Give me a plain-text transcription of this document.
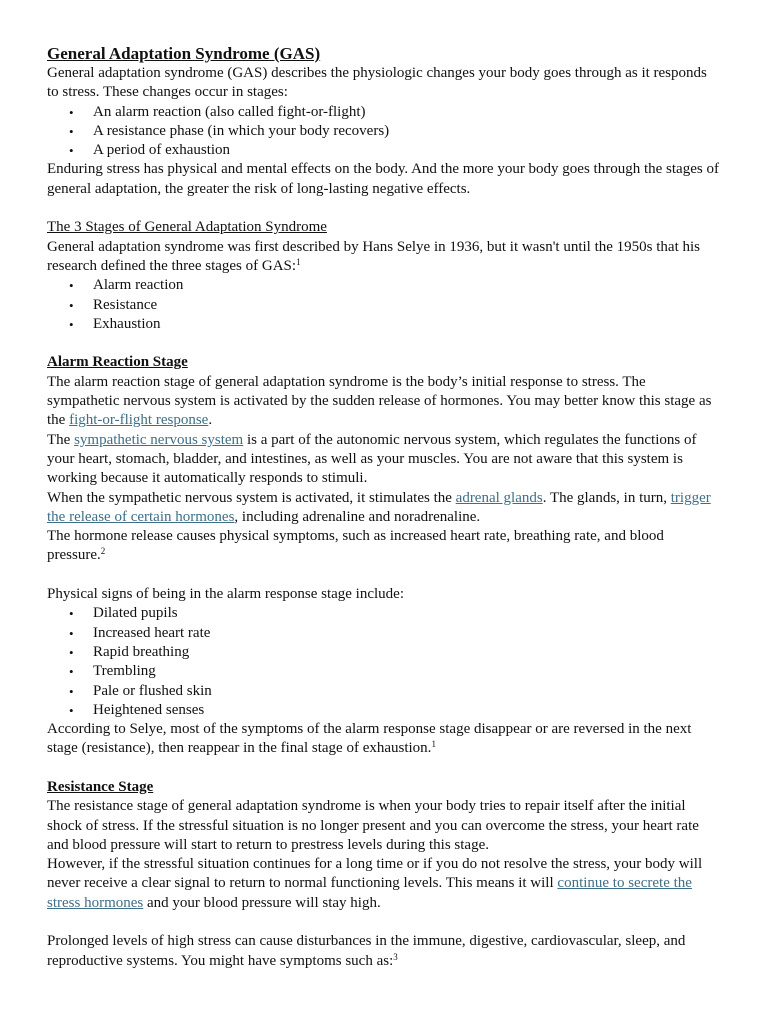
General Adaptation Syndrome (GAS)

General adaptation syndrome (GAS) describes the physiologic changes your body goes through as it responds to stress. These changes occur in stages:

• An alarm reaction (also called fight-or-flight)
• A resistance phase (in which your body recovers)
• A period of exhaustion

Enduring stress has physical and mental effects on the body. And the more your body goes through the stages of general adaptation, the greater the risk of long-lasting negative effects.

The 3 Stages of General Adaptation Syndrome

General adaptation syndrome was first described by Hans Selye in 1936, but it wasn't until the 1950s that his research defined the three stages of GAS:$^1$

• Alarm reaction
• Resistance
• Exhaustion

Alarm Reaction Stage

The alarm reaction stage of general adaptation syndrome is the body’s initial response to stress. The sympathetic nervous system is activated by the sudden release of hormones. You may better know this stage as the fight-or-flight response.

The sympathetic nervous system is a part of the autonomic nervous system, which regulates the functions of your heart, stomach, bladder, and intestines, as well as your muscles. You are not aware that this system is working because it automatically responds to stimuli.

When the sympathetic nervous system is activated, it stimulates the adrenal glands. The glands, in turn, trigger the release of certain hormones, including adrenaline and noradrenaline.

The hormone release causes physical symptoms, such as increased heart rate, breathing rate, and blood pressure.$^2$

Physical signs of being in the alarm response stage include:

• Dilated pupils
• Increased heart rate
• Rapid breathing
• Trembling
• Pale or flushed skin
• Heightened senses

According to Selye, most of the symptoms of the alarm response stage disappear or are reversed in the next stage (resistance), then reappear in the final stage of exhaustion.$^1$

Resistance Stage

The resistance stage of general adaptation syndrome is when your body tries to repair itself after the initial shock of stress. If the stressful situation is no longer present and you can overcome the stress, your heart rate and blood pressure will start to return to prestress levels during this stage.

However, if the stressful situation continues for a long time or if you do not resolve the stress, your body will never receive a clear signal to return to normal functioning levels. This means it will continue to secrete the stress hormones and your blood pressure will stay high.

Prolonged levels of high stress can cause disturbances in the immune, digestive, cardiovascular, sleep, and reproductive systems. You might have symptoms such as:$^3$
